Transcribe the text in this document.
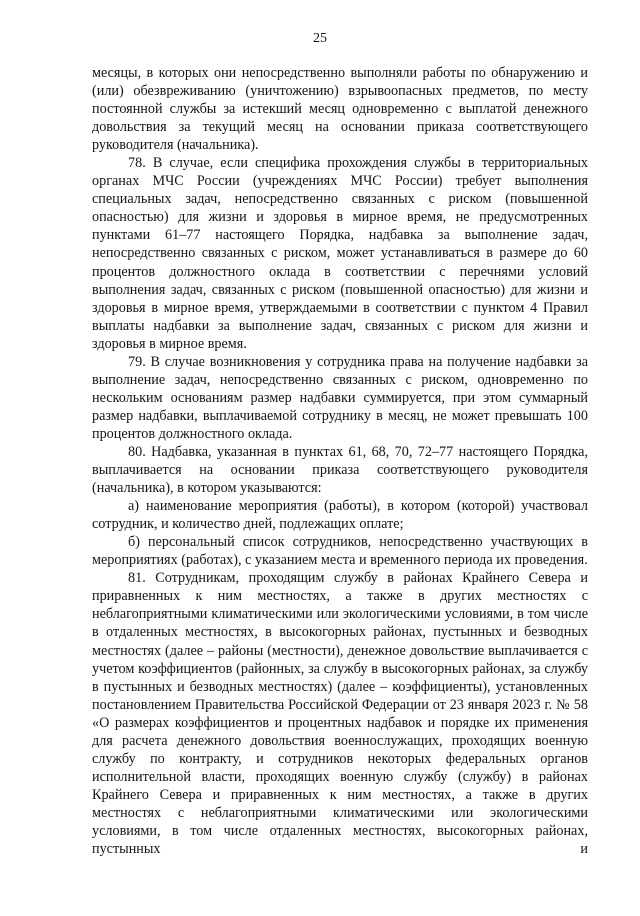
25

месяцы, в которых они непосредственно выполняли работы по обнаружению и (или) обезвреживанию (уничтожению) взрывоопасных предметов, по месту постоянной службы за истекший месяц одновременно с выплатой денежного довольствия за текущий месяц на основании приказа соответствующего руководителя (начальника).

78. В случае, если специфика прохождения службы в территориальных органах МЧС России (учреждениях МЧС России) требует выполнения специальных задач, непосредственно связанных с риском (повышенной опасностью) для жизни и здоровья в мирное время, не предусмотренных пунктами 61–77 настоящего Порядка, надбавка за выполнение задач, непосредственно связанных с риском, может устанавливаться в размере до 60 процентов должностного оклада в соответствии с перечнями условий выполнения задач, связанных с риском (повышенной опасностью) для жизни и здоровья в мирное время, утверждаемыми в соответствии с пунктом 4 Правил выплаты надбавки за выполнение задач, связанных с риском для жизни и здоровья в мирное время.

79. В случае возникновения у сотрудника права на получение надбавки за выполнение задач, непосредственно связанных с риском, одновременно по нескольким основаниям размер надбавки суммируется, при этом суммарный размер надбавки, выплачиваемой сотруднику в месяц, не может превышать 100 процентов должностного оклада.

80. Надбавка, указанная в пунктах 61, 68, 70, 72–77 настоящего Порядка, выплачивается на основании приказа соответствующего руководителя (начальника), в котором указываются:

а) наименование мероприятия (работы), в котором (которой) участвовал сотрудник, и количество дней, подлежащих оплате;

б) персональный список сотрудников, непосредственно участвующих в мероприятиях (работах), с указанием места и временного периода их проведения.

81. Сотрудникам, проходящим службу в районах Крайнего Севера и приравненных к ним местностях, а также в других местностях с неблагоприятными климатическими или экологическими условиями, в том числе в отдаленных местностях, в высокогорных районах, пустынных и безводных местностях (далее – районы (местности), денежное довольствие выплачивается с учетом коэффициентов (районных, за службу в высокогорных районах, за службу в пустынных и безводных местностях) (далее – коэффициенты), установленных постановлением Правительства Российской Федерации от 23 января 2023 г. № 58 «О размерах коэффициентов и процентных надбавок и порядке их применения для расчета денежного довольствия военнослужащих, проходящих военную службу по контракту, и сотрудников некоторых федеральных органов исполнительной власти, проходящих военную службу (службу) в районах Крайнего Севера и приравненных к ним местностях, а также в других местностях с неблагоприятными климатическими или экологическими условиями, в том числе отдаленных местностях, высокогорных районах, пустынных и
